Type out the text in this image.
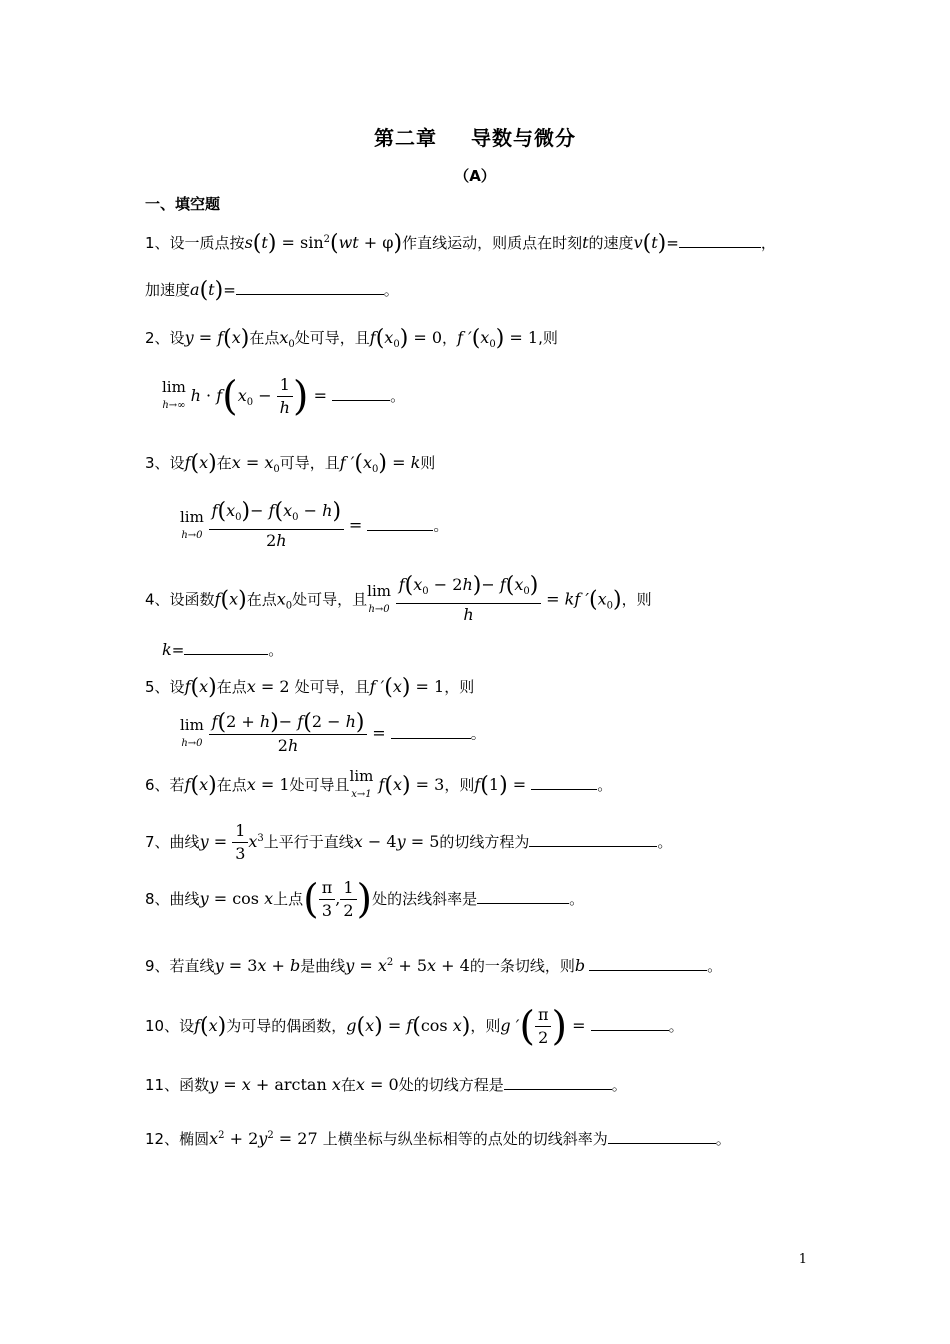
第二章 导数与微分
（A）
一、填空题
1、设一质点按$s(t) = \sin^2(wt + \varphi)$作直线运动，则质点在时刻t的速度v(t)=	，
加速度a(t)=	。
2、设y = f(x)在点$x_0$处可导，且$f(x_0) = 0$，f $'(x_0) = 1$,则
lim
h→∞
$h \cdot f(x_0 - \frac{1}{h}$ ) =	。
3、设f(x)在$x = x_0$可导，且f $'(x_0) = k$则
lim
h→0
$\frac{f(x_0)- f(x_0 - h)}{2h}$ =	。
4、设函数f(x)在点$x_0$处可导，且lim
h→0
$\frac{f(x_0 - 2h)- f(x_0)}{h}$ = kf $'(x_0)$，则
k=	。
5、设f(x)在点x = 2 处可导，且f ′(x) = 1，则
lim
h→0
$\frac{f(2 + h)- f(2 - h)}{2h}$ =	。
6、若f(x)在点x = 1处可导且lim
x→1
f(x) = 3，则f(1) =	。
7、曲线$y = \frac{1}{3} x^3$上平行于直线x − 4y = 5的切线方程为	。
8、曲线y = cos x上点( $\frac{\pi}{3}$ , $\frac{1}{2}$ )处的法线斜率是	。
9、若直线y = 3x + b是曲线$y = x^2 + 5x + 4$的一条切线，则b	。
10、设f(x)为可导的偶函数，g(x) = f(cos x)，则g ′( $\frac{\pi}{2}$ ) =	。
11、函数y = x + arctan x在x = 0处的切线方程是	。
12、椭圆$x^2 + 2y^2 = 27$ 上横坐标与纵坐标相等的点处的切线斜率为	。
1
